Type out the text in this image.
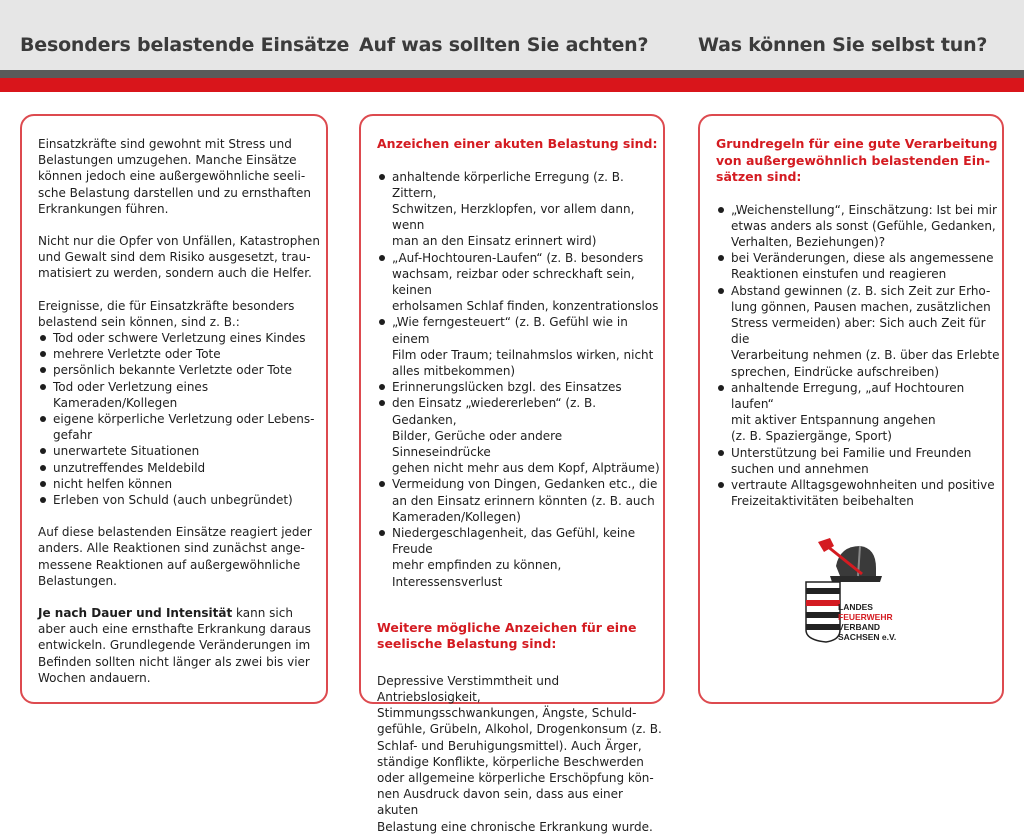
Besonders belastende Einsätze Auf was sollten Sie achten?	Was können Sie selbst tun?

Einsatzkräfte sind gewohnt mit Stress und
Belastungen umzugehen. Manche Einsätze
können jedoch eine außergewöhnliche seeli-
sche Belastung darstellen und zu ernsthaften
Erkrankungen führen.

Nicht nur die Opfer von Unfällen, Katastrophen
und Gewalt sind dem Risiko ausgesetzt, trau-
matisiert zu werden, sondern auch die Helfer.

Ereignisse, die für Einsatzkräfte besonders
belastend sein können, sind z. B.:

Tod oder schwere Verletzung eines Kindes
mehrere Verletzte oder Tote
persönlich bekannte Verletzte oder Tote
Tod oder Verletzung eines Kameraden/Kollegen
eigene körperliche Verletzung oder Lebens-
gefahr
unerwartete Situationen
unzutreffendes Meldebild
nicht helfen können
Erleben von Schuld (auch unbegründet)

Auf diese belastenden Einsätze reagiert jeder
anders. Alle Reaktionen sind zunächst ange-
messene Reaktionen auf außergewöhnliche
Belastungen.

Je nach Dauer und Intensität kann sich
aber auch eine ernsthafte Erkrankung daraus
entwickeln. Grundlegende Veränderungen im
Befinden sollten nicht länger als zwei bis vier
Wochen andauern.

Anzeichen einer akuten Belastung sind:

anhaltende körperliche Erregung (z. B. Zittern,
Schwitzen, Herzklopfen, vor allem dann, wenn
man an den Einsatz erinnert wird)
„Auf-Hochtouren-Laufen“ (z. B. besonders
wachsam, reizbar oder schreckhaft sein, keinen
erholsamen Schlaf finden, konzentrationslos
„Wie ferngesteuert“ (z. B. Gefühl wie in einem
Film oder Traum; teilnahmslos wirken, nicht
alles mitbekommen)
Erinnerungslücken bzgl. des Einsatzes
den Einsatz „wiedererleben“ (z. B. Gedanken,
Bilder, Gerüche oder andere Sinneseindrücke
gehen nicht mehr aus dem Kopf, Alpträume)
Vermeidung von Dingen, Gedanken etc., die
an den Einsatz erinnern könnten (z. B. auch
Kameraden/Kollegen)
Niedergeschlagenheit, das Gefühl, keine Freude
mehr empfinden zu können, Interessensverlust

Weitere mögliche Anzeichen für eine
seelische Belastung sind:

Depressive Verstimmtheit und Antriebslosigkeit,
Stimmungsschwankungen, Ängste, Schuld-
gefühle, Grübeln, Alkohol, Drogenkonsum (z. B.
Schlaf- und Beruhigungsmittel). Auch Ärger,
ständige Konflikte, körperliche Beschwerden
oder allgemeine körperliche Erschöpfung kön-
nen Ausdruck davon sein, dass aus einer akuten
Belastung eine chronische Erkrankung wurde.

Grundregeln für eine gute Verarbeitung
von außergewöhnlich belastenden Ein-
sätzen sind:

„Weichenstellung“, Einschätzung: Ist bei mir
etwas anders als sonst (Gefühle, Gedanken,
Verhalten, Beziehungen)?
bei Veränderungen, diese als angemessene
Reaktionen einstufen und reagieren
Abstand gewinnen (z. B. sich Zeit zur Erho-
lung gönnen, Pausen machen, zusätzlichen
Stress vermeiden) aber: Sich auch Zeit für die
Verarbeitung nehmen (z. B. über das Erlebte
sprechen, Eindrücke aufschreiben)
anhaltende Erregung, „auf Hochtouren laufen“
mit aktiver Entspannung angehen
(z. B. Spaziergänge, Sport)
Unterstützung bei Familie und Freunden
suchen und annehmen
vertraute Alltagsgewohnheiten und positive
Freizeitaktivitäten beibehalten
LANDES
FEUERWEHR
VERBAND
SACHSEN e.V.
